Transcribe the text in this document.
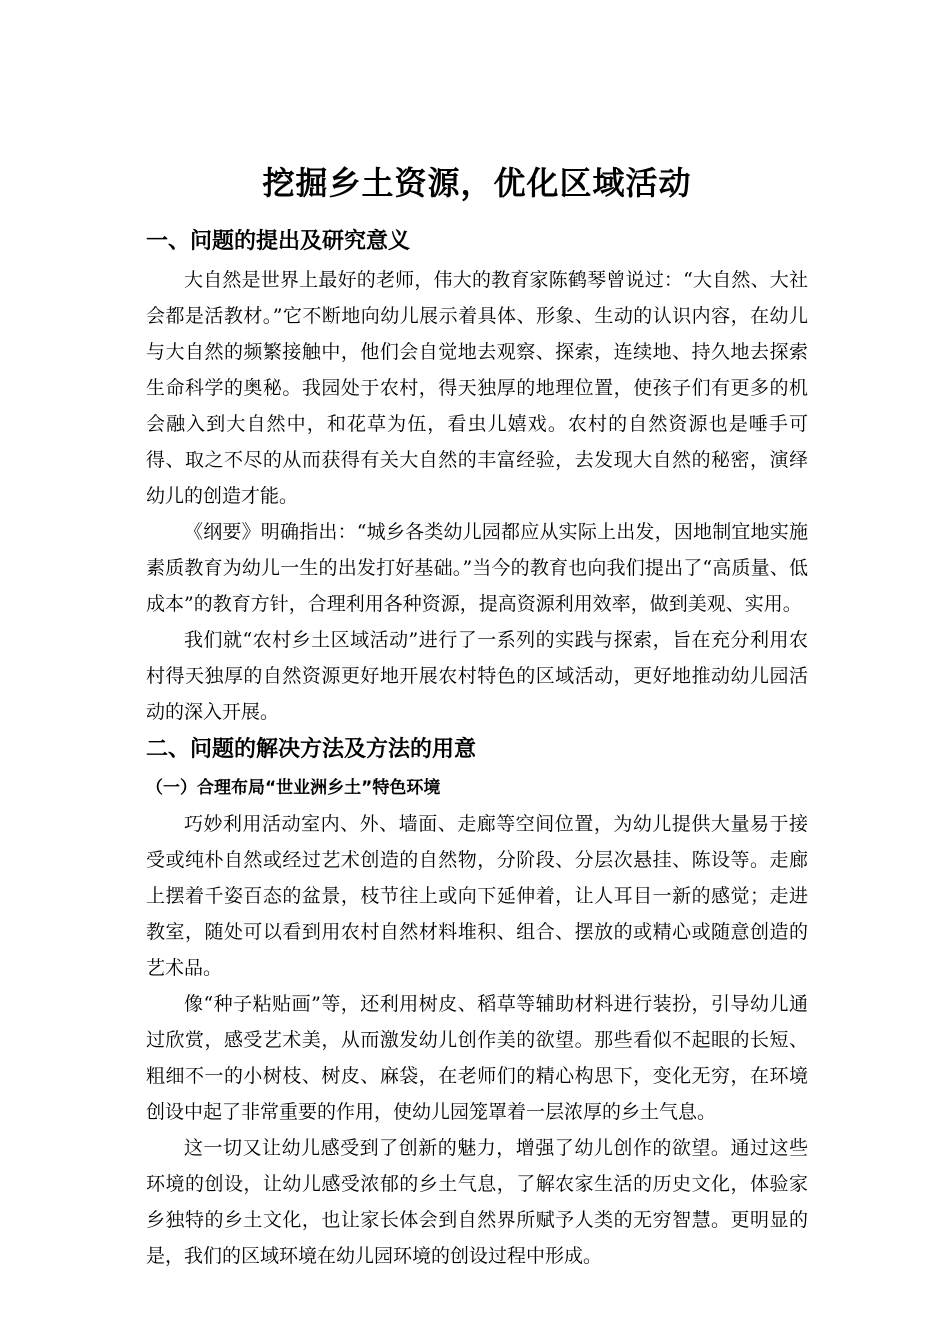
挖掘乡土资源，优化区域活动
一、问题的提出及研究意义

大自然是世界上最好的老师，伟大的教育家陈鹤琴曾说过：“大自然、大社会都是活教材。”它不断地向幼儿展示着具体、形象、生动的认识内容，在幼儿与大自然的频繁接触中，他们会自觉地去观察、探索，连续地、持久地去探索生命科学的奥秘。我园处于农村，得天独厚的地理位置，使孩子们有更多的机会融入到大自然中，和花草为伍，看虫儿嬉戏。农村的自然资源也是唾手可得、取之不尽的从而获得有关大自然的丰富经验，去发现大自然的秘密，演绎幼儿的创造才能。

《纲要》明确指出：“城乡各类幼儿园都应从实际上出发，因地制宜地实施素质教育为幼儿一生的出发打好基础。”当今的教育也向我们提出了“高质量、低成本”的教育方针，合理利用各种资源，提高资源利用效率，做到美观、实用。

我们就“农村乡土区域活动”进行了一系列的实践与探索，旨在充分利用农村得天独厚的自然资源更好地开展农村特色的区域活动，更好地推动幼儿园活动的深入开展。

二、问题的解决方法及方法的用意
（一）合理布局“世业洲乡土”特色环境

巧妙利用活动室内、外、墙面、走廊等空间位置，为幼儿提供大量易于接受或纯朴自然或经过艺术创造的自然物，分阶段、分层次悬挂、陈设等。走廊上摆着千姿百态的盆景，枝节往上或向下延伸着，让人耳目一新的感觉；走进教室，随处可以看到用农村自然材料堆积、组合、摆放的或精心或随意创造的艺术品。

像“种子粘贴画”等，还利用树皮、稻草等辅助材料进行装扮，引导幼儿通过欣赏，感受艺术美，从而激发幼儿创作美的欲望。那些看似不起眼的长短、粗细不一的小树枝、树皮、麻袋，在老师们的精心构思下，变化无穷，在环境创设中起了非常重要的作用，使幼儿园笼罩着一层浓厚的乡土气息。

这一切又让幼儿感受到了创新的魅力，增强了幼儿创作的欲望。通过这些环境的创设，让幼儿感受浓郁的乡土气息，了解农家生活的历史文化，体验家乡独特的乡土文化，也让家长体会到自然界所赋予人类的无穷智慧。更明显的是，我们的区域环境在幼儿园环境的创设过程中形成。
